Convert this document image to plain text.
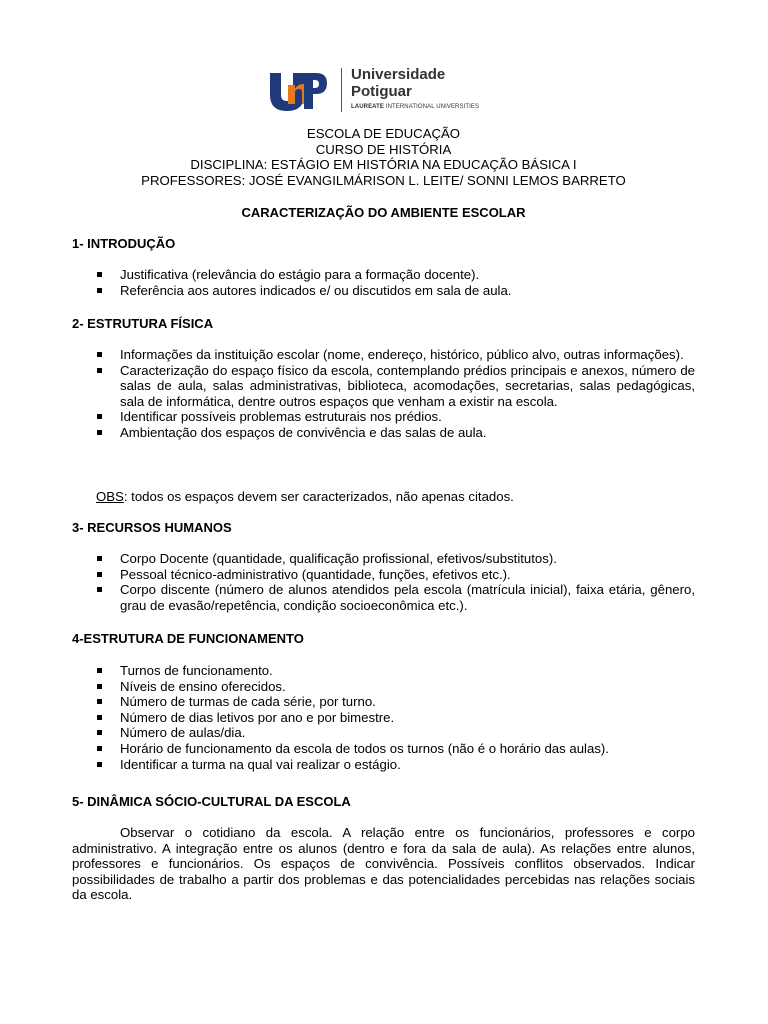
Universidade
Potiguar
LAUREATE INTERNATIONAL UNIVERSITIES
ESCOLA DE EDUCAÇÃO
CURSO DE HISTÓRIA
DISCIPLINA: ESTÁGIO EM HISTÓRIA NA EDUCAÇÃO BÁSICA I
PROFESSORES: JOSÉ EVANGILMÁRISON L. LEITE/ SONNI LEMOS BARRETO
CARACTERIZAÇÃO DO AMBIENTE ESCOLAR
1- INTRODUÇÃO
Justificativa (relevância do estágio para a formação docente).
Referência aos autores indicados e/ ou discutidos em sala de aula.
2- ESTRUTURA FÍSICA
Informações da instituição escolar (nome, endereço, histórico, público alvo, outras informações).
Caracterização do espaço físico da escola, contemplando prédios principais e anexos, número de salas de aula, salas administrativas, biblioteca, acomodações, secretarias, salas pedagógicas, sala de informática, dentre outros espaços que venham a existir na escola.
Identificar possíveis problemas estruturais nos prédios.
Ambientação dos espaços de convivência e das salas de aula.
OBS: todos os espaços devem ser caracterizados, não apenas citados.
3- RECURSOS HUMANOS
Corpo Docente (quantidade, qualificação profissional, efetivos/substitutos).
Pessoal técnico-administrativo (quantidade, funções, efetivos etc.).
Corpo discente (número de alunos atendidos pela escola (matrícula inicial), faixa etária, gênero, grau de evasão/repetência, condição socioeconômica etc.).
4-ESTRUTURA DE FUNCIONAMENTO
Turnos de funcionamento.
Níveis de ensino oferecidos.
Número de turmas de cada série, por turno.
Número de dias letivos por ano e por bimestre.
Número de aulas/dia.
Horário de funcionamento da escola de todos os turnos (não é o horário das aulas).
Identificar a turma na qual vai realizar o estágio.
5- DINÂMICA SÓCIO-CULTURAL DA ESCOLA
Observar o cotidiano da escola. A relação entre os funcionários, professores e corpo administrativo. A integração entre os alunos (dentro e fora da sala de aula). As relações entre alunos, professores e funcionários. Os espaços de convivência. Possíveis conflitos observados. Indicar possibilidades de trabalho a partir dos problemas e das potencialidades percebidas nas relações sociais da escola.
